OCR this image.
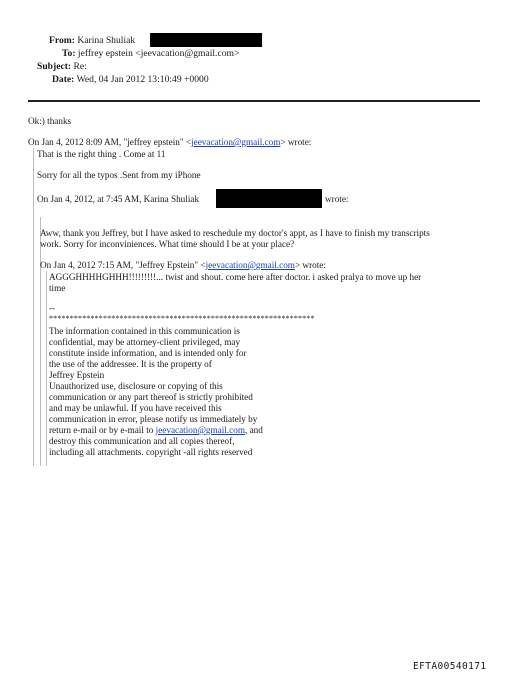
From: Karina Shuliak
To: jeffrey epstein <jeevacation@gmail.com>
Subject: Re:
Date: Wed, 04 Jan 2012 13:10:49 +0000
Ok:) thanks
On Jan 4, 2012 8:09 AM, "jeffrey epstein" <jeevacation@gmail.com> wrote:
That is the right thing . Come at 11
Sorry for all the typos .Sent from my iPhone
On Jan 4, 2012, at 7:45 AM, Karina Shuliak	wrote:
Aww, thank you Jeffrey, but I have asked to reschedule my doctor's appt, as I have to finish my transcripts
work. Sorry for inconviniences. What time should I be at your place?
On Jan 4, 2012 7:15 AM, "Jeffrey Epstein" <jeevacation@gmail.com> wrote:
AGGGHHHHGHHH!!!!!!!!!... twist and shout. come here after doctor. i asked pralya to move up her
time
--
****************************************************************
The information contained in this communication is
confidential, may be attorney-client privileged, may
constitute inside information, and is intended only for
the use of the addressee. It is the property of
Jeffrey Epstein
Unauthorized use, disclosure or copying of this
communication or any part thereof is strictly prohibited
and may be unlawful. If you have received this
communication in error, please notify us immediately by
return e-mail or by e-mail to jeevacation@gmail.com, and
destroy this communication and all copies thereof,
including all attachments. copyright -all rights reserved
EFTA00540171
